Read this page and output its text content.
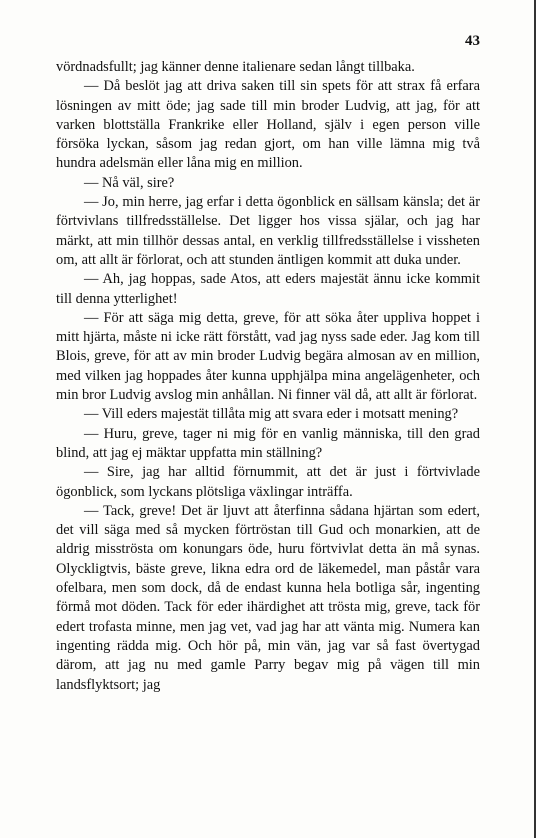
43

vördnadsfullt; jag känner denne italienare sedan långt tillbaka.

— Då beslöt jag att driva saken till sin spets för att strax få erfara lösningen av mitt öde; jag sade till min broder Ludvig, att jag, för att varken blottställa Frankrike eller Holland, själv i egen person ville försöka lyckan, såsom jag redan gjort, om han ville lämna mig två hundra adelsmän eller låna mig en million.

— Nå väl, sire?

— Jo, min herre, jag erfar i detta ögonblick en sällsam känsla; det är förtvivlans tillfredsställelse. Det ligger hos vissa själar, och jag har märkt, att min tillhör dessas antal, en verklig tillfredsställelse i vissheten om, att allt är förlorat, och att stunden äntligen kommit att duka under.

— Ah, jag hoppas, sade Atos, att eders majestät ännu icke kommit till denna ytterlighet!

— För att säga mig detta, greve, för att söka åter uppliva hoppet i mitt hjärta, måste ni icke rätt förstått, vad jag nyss sade eder. Jag kom till Blois, greve, för att av min broder Ludvig begära almosan av en million, med vilken jag hoppades åter kunna upphjälpa mina angelägenheter, och min bror Ludvig avslog min anhållan. Ni finner väl då, att allt är förlorat.

— Vill eders majestät tillåta mig att svara eder i motsatt mening?

— Huru, greve, tager ni mig för en vanlig människa, till den grad blind, att jag ej mäktar uppfatta min ställning?

— Sire, jag har alltid förnummit, att det är just i förtvivlade ögonblick, som lyckans plötsliga växlingar inträffa.

— Tack, greve! Det är ljuvt att återfinna sådana hjärtan som edert, det vill säga med så mycken förtröstan till Gud och monarkien, att de aldrig misströsta om konungars öde, huru förtvivlat detta än må synas. Olyckligtvis, bäste greve, likna edra ord de läkemedel, man påstår vara ofelbara, men som dock, då de endast kunna hela botliga sår, ingenting förmå mot döden. Tack för eder ihärdighet att trösta mig, greve, tack för edert trofasta minne, men jag vet, vad jag har att vänta mig. Numera kan ingenting rädda mig. Och hör på, min vän, jag var så fast övertygad därom, att jag nu med gamle Parry begav mig på vägen till min landsflyktsort; jag
